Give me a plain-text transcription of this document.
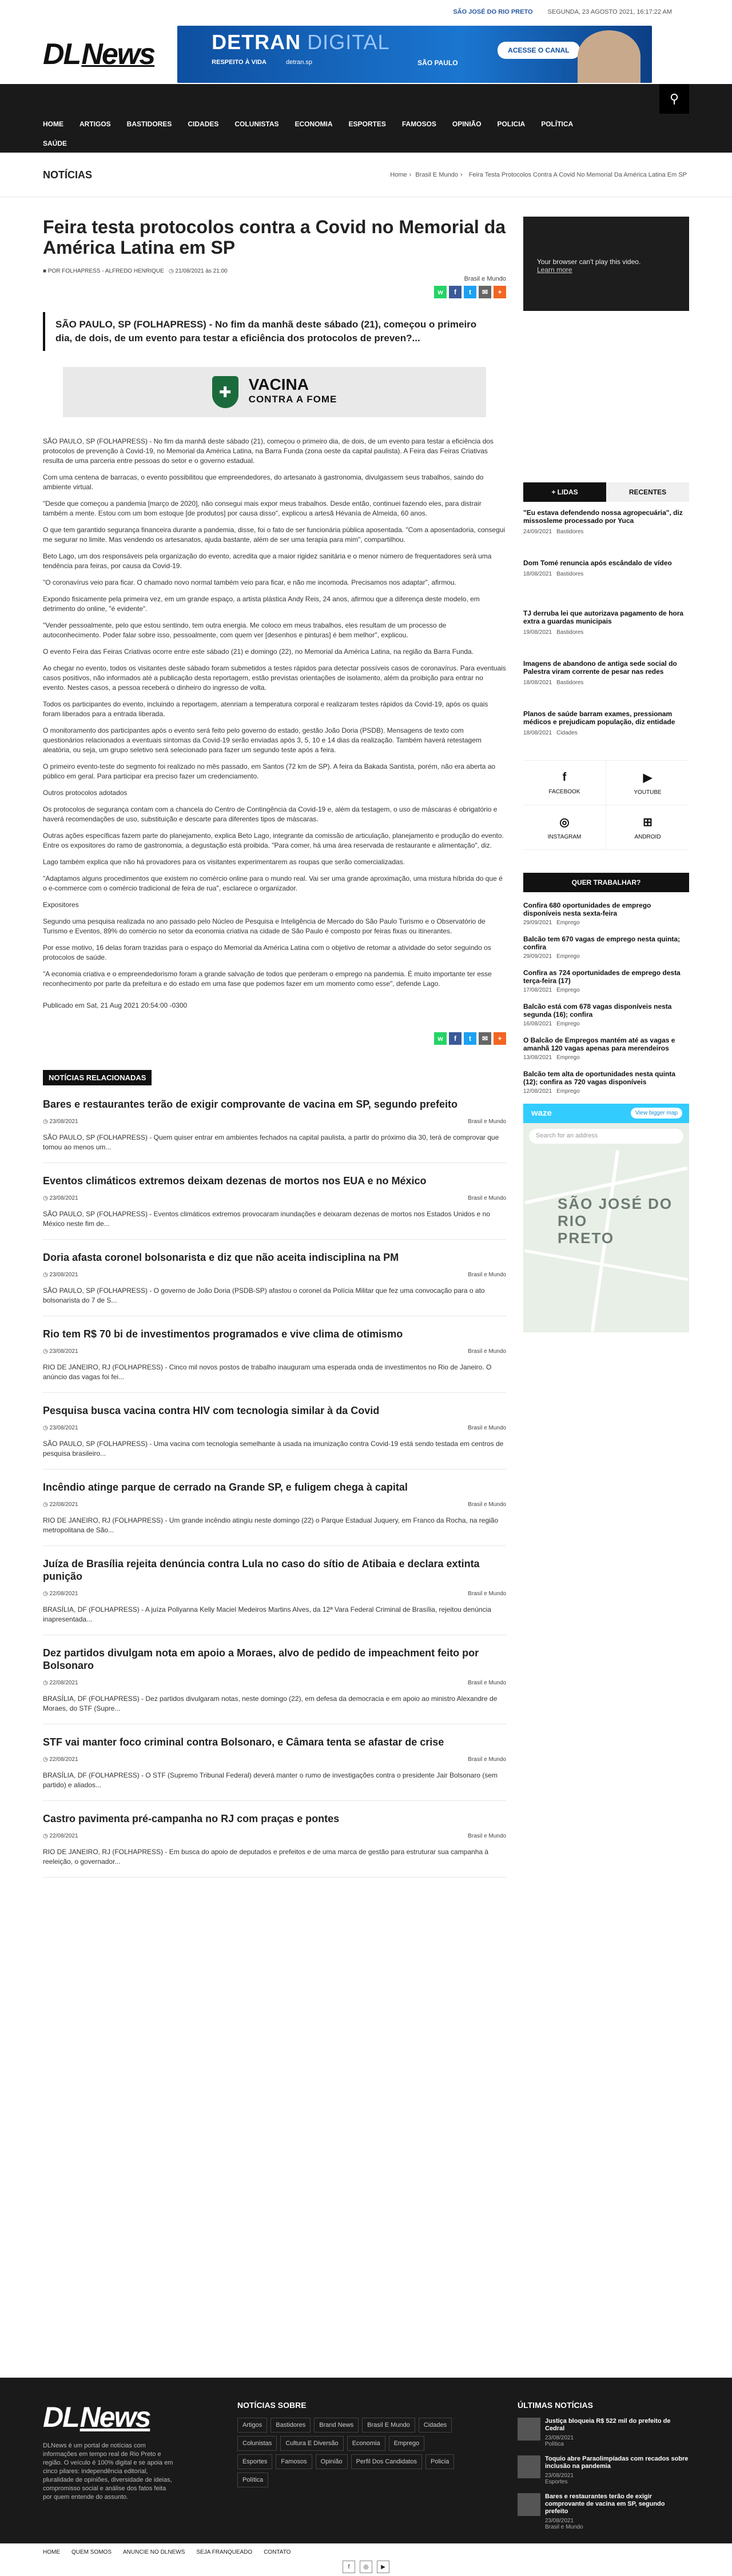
SÃO JOSÉ DO RIO PRETO SEGUNDA, 23 AGOSTO 2021, 16:17:22 AM
DL News	DETRAN DIGITAL
RESPEITO À VIDA	detran.sp	SÃO PAULO
ACESSE O CANAL
⚲
HOME	ARTIGOS	BASTIDORES	CIDADES	COLUNISTAS	ECONOMIA	ESPORTES	FAMOSOS	OPINIÃO	POLICIA	POLÍTICA
SAÚDE
NOTÍCIAS	Home › Brasil E Mundo › Feira Testa Protocolos Contra A Covid No Memorial Da América Latina Em SP
Feira testa protocolos contra a Covid no Memorial da América Latina em SP
■ POR FOLHAPRESS - ALFREDO HENRIQUE ◷ 21/08/2021 às 21:00
Brasil e Mundo
w	f	t	✉	+
SÃO PAULO, SP (FOLHAPRESS) - No fim da manhã deste sábado (21), começou o primeiro dia, de dois, de um evento para testar a eficiência dos protocolos de preven?...
✚	VACINA
CONTRA A FOME

SÃO PAULO, SP (FOLHAPRESS) - No fim da manhã deste sábado (21), começou o primeiro dia, de dois, de um evento para testar a eficiência dos protocolos de prevenção à Covid-19, no Memorial da América Latina, na Barra Funda (zona oeste da capital paulista). A Feira das Feiras Criativas resulta de uma parceria entre pessoas do setor e o governo estadual.

Com uma centena de barracas, o evento possibilitou que empreendedores, do artesanato à gastronomia, divulgassem seus trabalhos, saindo do ambiente virtual.

"Desde que começou a pandemia [março de 2020], não consegui mais expor meus trabalhos. Desde então, continuei fazendo eles, para distrair também a mente. Estou com um bom estoque [de produtos] por causa disso", explicou a artesã Hévanía de Almeida, 60 anos.

O que tem garantido segurança financeira durante a pandemia, disse, foi o fato de ser funcionária pública aposentada. "Com a aposentadoria, consegui me segurar no limite. Mas vendendo os artesanatos, ajuda bastante, além de ser uma terapia para mim", compartilhou.

Beto Lago, um dos responsáveis pela organização do evento, acredita que a maior rigidez sanitária e o menor número de frequentadores será uma tendência para feiras, por causa da Covid-19.

"O coronavírus veio para ficar. O chamado novo normal também veio para ficar, e não me incomoda. Precisamos nos adaptar", afirmou.

Expondo fisicamente pela primeira vez, em um grande espaço, a artista plástica Andy Reis, 24 anos, afirmou que a diferença deste modelo, em detrimento do online, "é evidente".

"Vender pessoalmente, pelo que estou sentindo, tem outra energia. Me coloco em meus trabalhos, eles resultam de um processo de autoconhecimento. Poder falar sobre isso, pessoalmente, com quem ver [desenhos e pinturas] é bem melhor", explicou.

O evento Feira das Feiras Criativas ocorre entre este sábado (21) e domingo (22), no Memorial da América Latina, na região da Barra Funda.

Ao chegar no evento, todos os visitantes deste sábado foram submetidos a testes rápidos para detectar possíveis casos de coronavírus. Para eventuais casos positivos, não informados até a publicação desta reportagem, estão previstas orientações de isolamento, além da proibição para entrar no evento. Nestes casos, a pessoa receberá o dinheiro do ingresso de volta.

Todos os participantes do evento, incluindo a reportagem, atenriam a temperatura corporal e realizaram testes rápidos da Covid-19, após os quais foram liberados para a entrada liberada.

O monitoramento dos participantes após o evento será feito pelo governo do estado, gestão João Doria (PSDB). Mensagens de texto com questionários relacionados a eventuais sintomas da Covid-19 serão enviadas após 3, 5, 10 e 14 dias da realização. Também haverá retestagem aleatória, ou seja, um grupo seletivo será selecionado para fazer um segundo teste após a feira.

O primeiro evento-teste do segmento foi realizado no mês passado, em Santos (72 km de SP). A feira da Bakada Santista, porém, não era aberta ao público em geral. Para participar era preciso fazer um credenciamento.

Outros protocolos adotados

Os protocolos de segurança contam com a chancela do Centro de Contingência da Covid-19 e, além da testagem, o uso de máscaras é obrigatório e haverá recomendações de uso, substituição e descarte para diferentes tipos de máscaras.

Outras ações específicas fazem parte do planejamento, explica Beto Lago, integrante da comissão de articulação, planejamento e produção do evento. Entre os expositores do ramo de gastronomia, a degustação está proibida. "Para comer, há uma área reservada de restaurante e alimentação", diz.

Lago também explica que não há provadores para os visitantes experimentarem as roupas que serão comercializadas.

"Adaptamos alguns procedimentos que existem no comércio online para o mundo real. Vai ser uma grande aproximação, uma mistura híbrida do que é o e-commerce com o comércio tradicional de feira de rua", esclarece o organizador.

Expositores

Segundo uma pesquisa realizada no ano passado pelo Núcleo de Pesquisa e Inteligência de Mercado do São Paulo Turismo e o Observatório de Turismo e Eventos, 89% do comércio no setor da economia criativa na cidade de São Paulo é composto por feiras fixas ou itinerantes.

Por esse motivo, 16 delas foram trazidas para o espaço do Memorial da América Latina com o objetivo de retomar a atividade do setor seguindo os protocolos de saúde.

"A economia criativa e o empreendedorismo foram a grande salvação de todos que perderam o emprego na pandemia. É muito importante ter esse reconhecimento por parte da prefeitura e do estado em uma fase que podemos fazer em um momento como esse", defende Lago.

Publicado em Sat, 21 Aug 2021 20:54:00 -0300
w	f	t	✉	+
NOTÍCIAS RELACIONADAS
Bares e restaurantes terão de exigir comprovante de vacina em SP, segundo prefeito
◷ 23/08/2021	Brasil e Mundo

SÃO PAULO, SP (FOLHAPRESS) - Quem quiser entrar em ambientes fechados na capital paulista, a partir do próximo dia 30, terá de comprovar que tomou ao menos um...

Eventos climáticos extremos deixam dezenas de mortos nos EUA e no México
◷ 23/08/2021	Brasil e Mundo

SÃO PAULO, SP (FOLHAPRESS) - Eventos climáticos extremos provocaram inundações e deixaram dezenas de mortos nos Estados Unidos e no México neste fim de...

Doria afasta coronel bolsonarista e diz que não aceita indisciplina na PM
◷ 23/08/2021	Brasil e Mundo

SÃO PAULO, SP (FOLHAPRESS) - O governo de João Doria (PSDB-SP) afastou o coronel da Polícia Militar que fez uma convocação para o ato bolsonarista do 7 de S...

Rio tem R$ 70 bi de investimentos programados e vive clima de otimismo
◷ 23/08/2021	Brasil e Mundo

RIO DE JANEIRO, RJ (FOLHAPRESS) - Cinco mil novos postos de trabalho inauguram uma esperada onda de investimentos no Rio de Janeiro. O anúncio das vagas foi fei...

Pesquisa busca vacina contra HIV com tecnologia similar à da Covid
◷ 23/08/2021	Brasil e Mundo

SÃO PAULO, SP (FOLHAPRESS) - Uma vacina com tecnologia semelhante à usada na imunização contra Covid-19 está sendo testada em centros de pesquisa brasileiro...

Incêndio atinge parque de cerrado na Grande SP, e fuligem chega à capital
◷ 22/08/2021	Brasil e Mundo

RIO DE JANEIRO, RJ (FOLHAPRESS) - Um grande incêndio atingiu neste domingo (22) o Parque Estadual Juquery, em Franco da Rocha, na região metropolitana de São...

Juíza de Brasília rejeita denúncia contra Lula no caso do sítio de Atibaia e declara extinta punição
◷ 22/08/2021	Brasil e Mundo

BRASÍLIA, DF (FOLHAPRESS) - A juíza Pollyanna Kelly Maciel Medeiros Martins Alves, da 12ª Vara Federal Criminal de Brasília, rejeitou denúncia inapresentada...

Dez partidos divulgam nota em apoio a Moraes, alvo de pedido de impeachment feito por Bolsonaro
◷ 22/08/2021	Brasil e Mundo

BRASÍLIA, DF (FOLHAPRESS) - Dez partidos divulgaram notas, neste domingo (22), em defesa da democracia e em apoio ao ministro Alexandre de Moraes, do STF (Supre...

STF vai manter foco criminal contra Bolsonaro, e Câmara tenta se afastar de crise
◷ 22/08/2021	Brasil e Mundo

BRASÍLIA, DF (FOLHAPRESS) - O STF (Supremo Tribunal Federal) deverá manter o rumo de investigações contra o presidente Jair Bolsonaro (sem partido) e aliados...

Castro pavimenta pré-campanha no RJ com praças e pontes
◷ 22/08/2021	Brasil e Mundo

RIO DE JANEIRO, RJ (FOLHAPRESS) - Em busca do apoio de deputados e prefeitos e de uma marca de gestão para estruturar sua campanha à reeleição, o governador...

Your browser can't play this video.
Learn more
+ LIDAS	RECENTES
"Eu estava defendendo nossa agropecuária", diz missosleme processado por Yuca
24/09/2021 Bastidores
Dom Tomé renuncia após escândalo de vídeo
18/08/2021 Bastidores
TJ derruba lei que autorizava pagamento de hora extra a guardas municipais
19/08/2021 Bastidores
Imagens de abandono de antiga sede social do Palestra viram corrente de pesar nas redes
18/08/2021 Bastidores
Planos de saúde barram exames, pressionam médicos e prejudicam população, diz entidade
18/08/2021 Cidades
f
FACEBOOK
▶
YOUTUBE
◎
INSTAGRAM
⊞
ANDROID
QUER TRABALHAR?
Confira 680 oportunidades de emprego disponíveis nesta sexta-feira
29/09/2021 Emprego
Balcão tem 670 vagas de emprego nesta quinta; confira
29/09/2021 Emprego
Confira as 724 oportunidades de emprego desta terça-feira (17)
17/08/2021 Emprego
Balcão está com 678 vagas disponíveis nesta segunda (16); confira
16/08/2021 Emprego
O Balcão de Empregos mantém até as vagas e amanhã 120 vagas apenas para merendeiros
13/08/2021 Emprego
Balcão tem alta de oportunidades nesta quinta (12); confira as 720 vagas disponíveis
12/08/2021 Emprego
waze	View bigger map
Search for an address
SÃO JOSÉ DO RIO
PRETO
DL News

DLNews é um portal de notícias com informações em tempo real de Rio Preto e região. O veículo é 100% digital e se apoia em cinco pilares: independência editorial, pluralidade de opiniões, diversidade de ideias, compromisso social e análise dos fatos feita por quem entende do assunto.

NOTÍCIAS SOBRE
Artigos	Bastidores	Brand News	Brasil E Mundo	Cidades
Colunistas	Cultura E Diversão	Economia	Emprego
Esportes	Famosos	Opinião	Perfil Dos Candidatos	Policia
Política
ÚLTIMAS NOTÍCIAS
Justiça bloqueia R$ 522 mil do prefeito de Cedral
23/08/2021
Política
Toquio abre Paraolimpíadas com recados sobre inclusão na pandemia
23/08/2021
Esportes
Bares e restaurantes terão de exigir comprovante de vacina em SP, segundo prefeito
23/08/2021
Brasil e Mundo
HOME QUEM SOMOS ANUNCIE NO DLNEWS SEJA FRANQUEADO CONTATO
f	◎	▶
